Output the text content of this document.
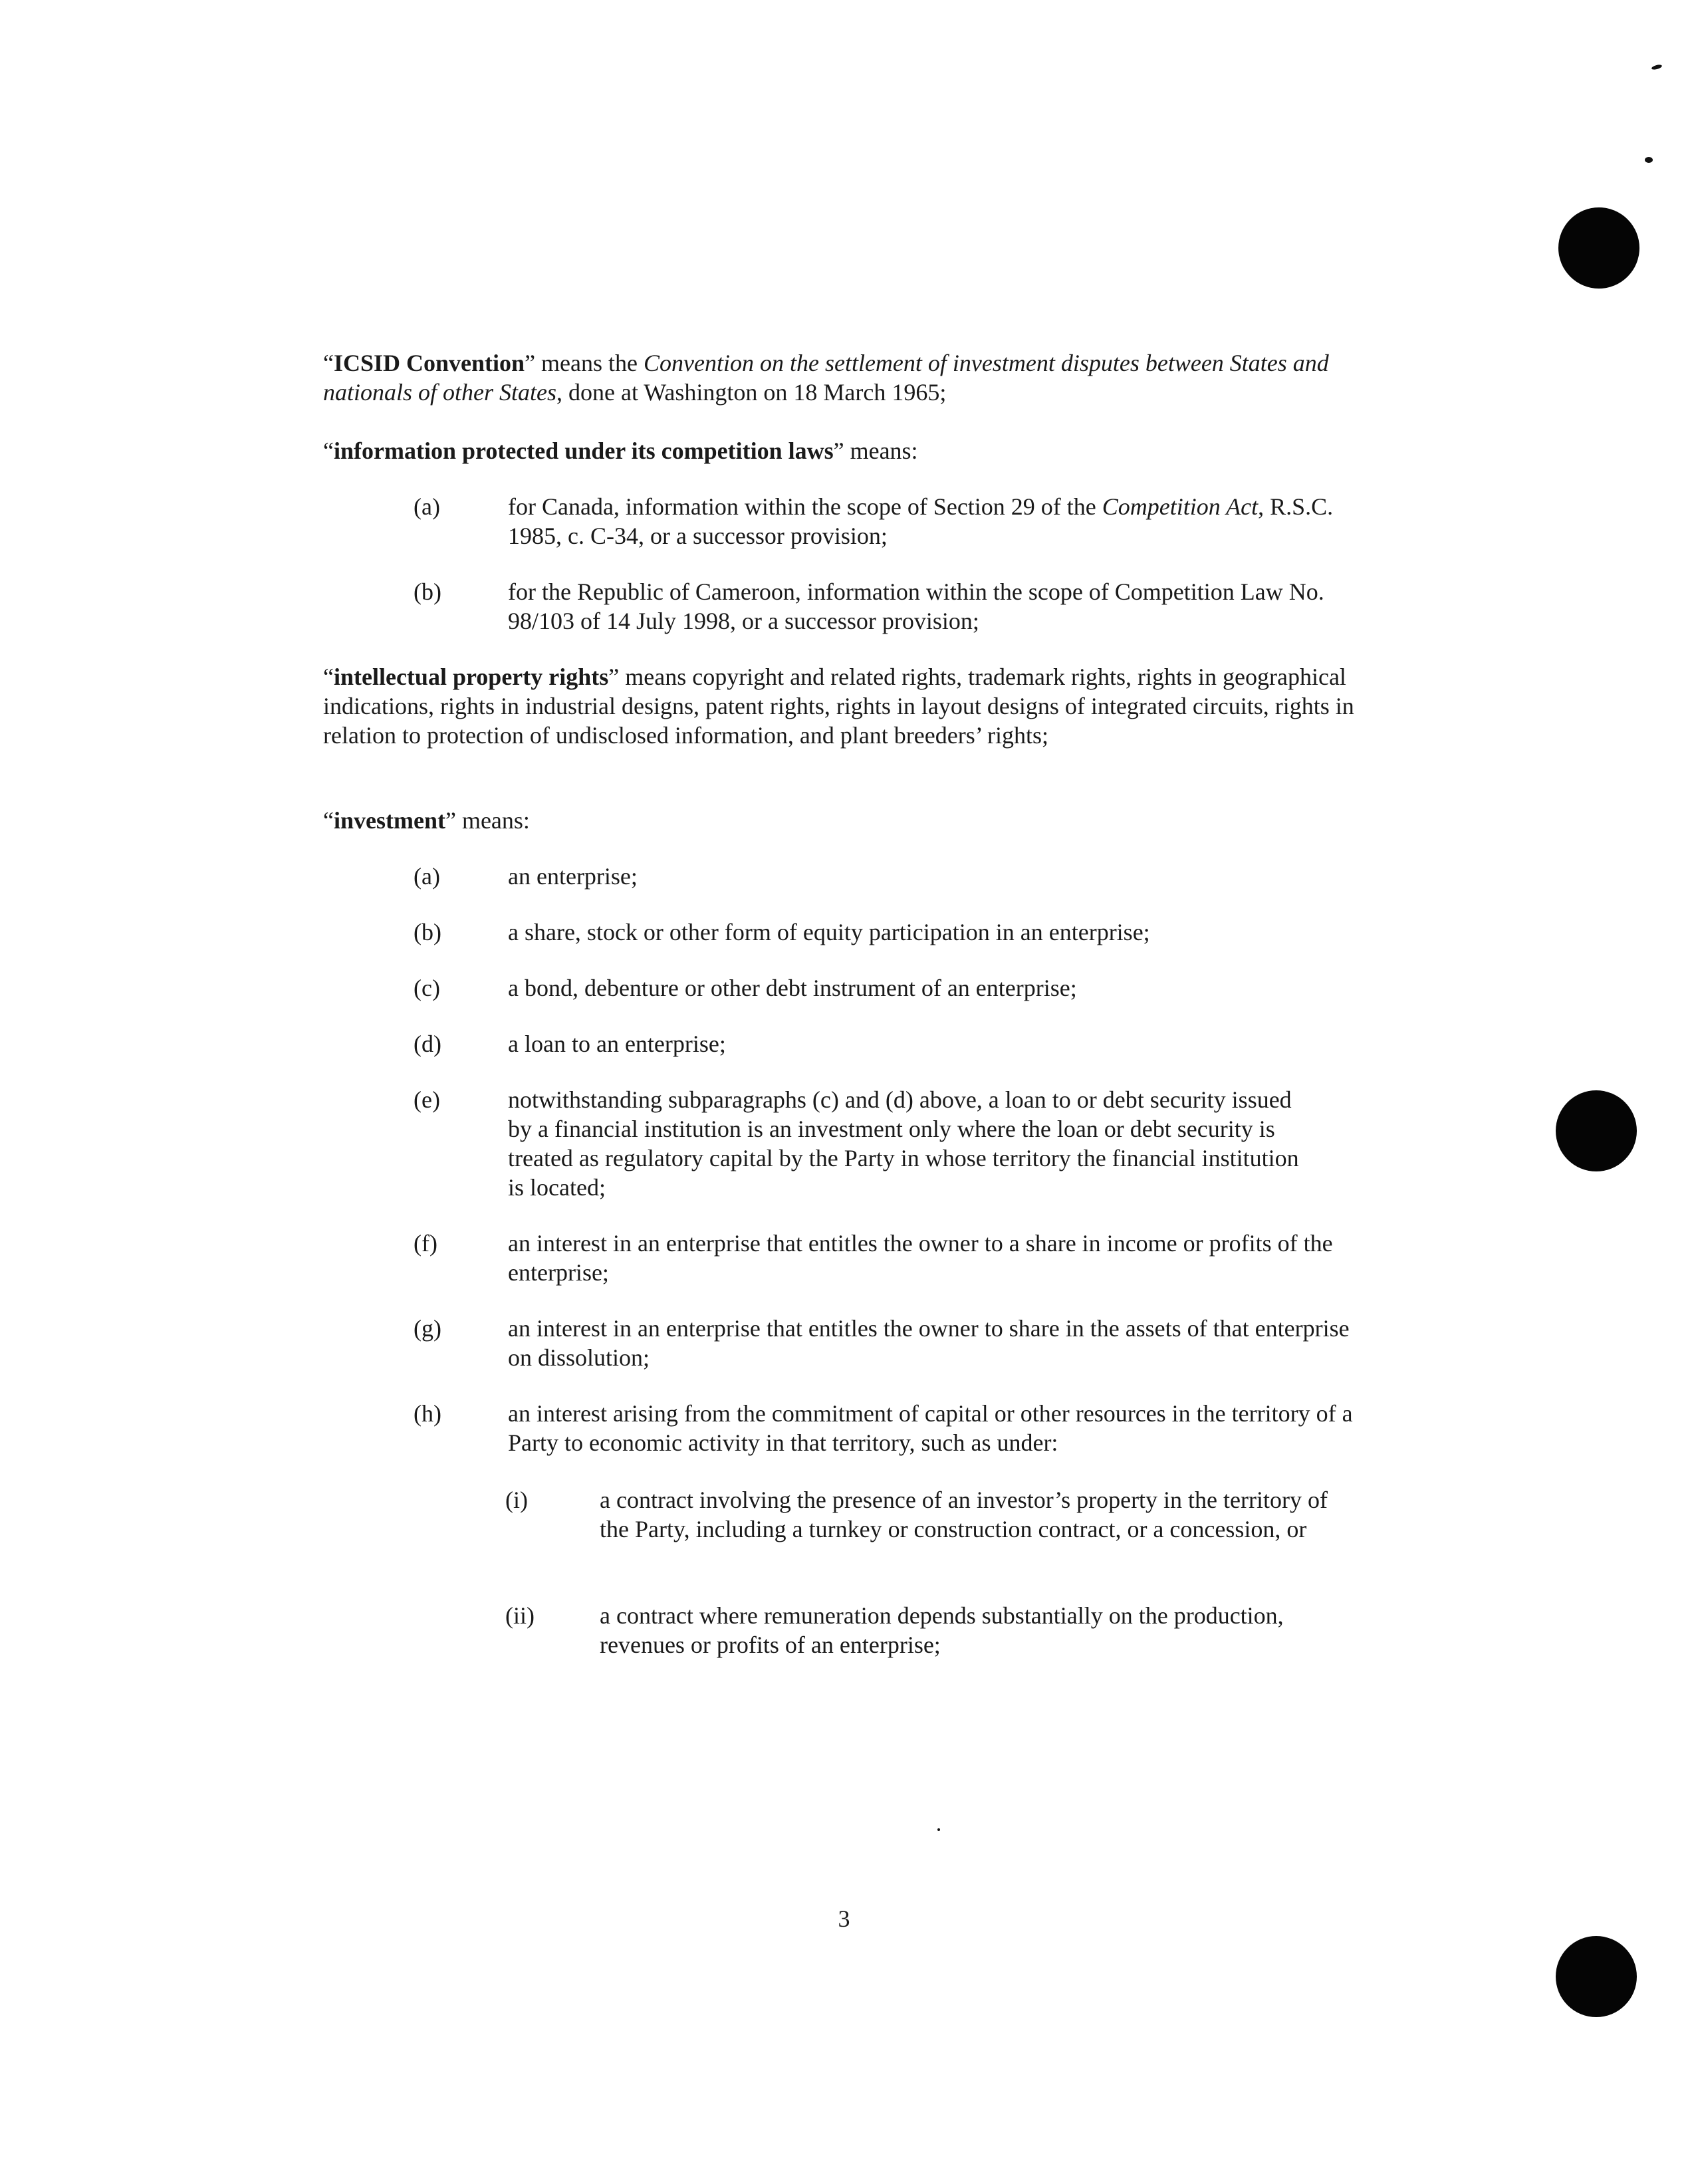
“ICSID Convention” means the Convention on the settlement of investment disputes between States and nationals of other States, done at Washington on 18 March 1965;
“information protected under its competition laws” means:
(a)	for Canada, information within the scope of Section 29 of the Competition Act, R.S.C. 1985, c. C-34, or a successor provision;
(b)	for the Republic of Cameroon, information within the scope of Competition Law No. 98/103 of 14 July 1998, or a successor provision;
“intellectual property rights” means copyright and related rights, trademark rights, rights in geographical indications, rights in industrial designs, patent rights, rights in layout designs of integrated circuits, rights in relation to protection of undisclosed information, and plant breeders’ rights;
“investment” means:
(a)	an enterprise;
(b)	a share, stock or other form of equity participation in an enterprise;
(c)	a bond, debenture or other debt instrument of an enterprise;
(d)	a loan to an enterprise;
(e)	notwithstanding subparagraphs (c) and (d) above, a loan to or debt security issued by a financial institution is an investment only where the loan or debt security is treated as regulatory capital by the Party in whose territory the financial institution is located;
(f)	an interest in an enterprise that entitles the owner to a share in income or profits of the enterprise;
(g)	an interest in an enterprise that entitles the owner to share in the assets of that enterprise on dissolution;
(h)	an interest arising from the commitment of capital or other resources in the territory of a Party to economic activity in that territory, such as under:
(i)	a contract involving the presence of an investor’s property in the territory of the Party, including a turnkey or construction contract, or a concession, or
(ii)	a contract where remuneration depends substantially on the production, revenues or profits of an enterprise;
3
